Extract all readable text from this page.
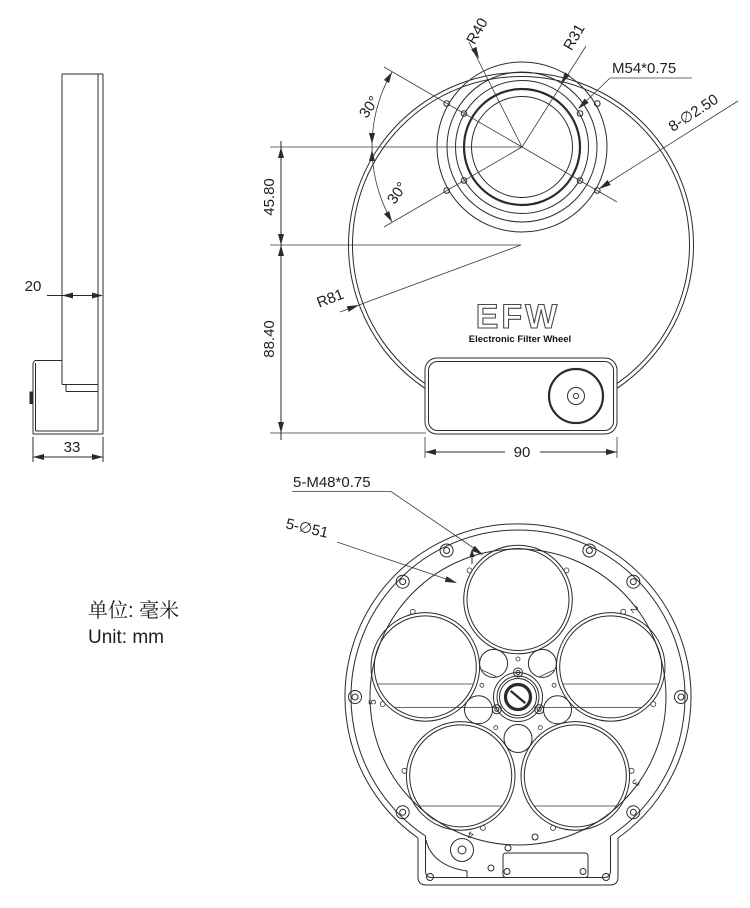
20
33
30°
30°
R40	R31
M54*0.75
8-∅2.50
R81
45.80
88.40
EFW
Electronic Filter Wheel
90
2
3
4
5
5-M48*0.75
5-∅51
单位: 毫米
Unit: mm
